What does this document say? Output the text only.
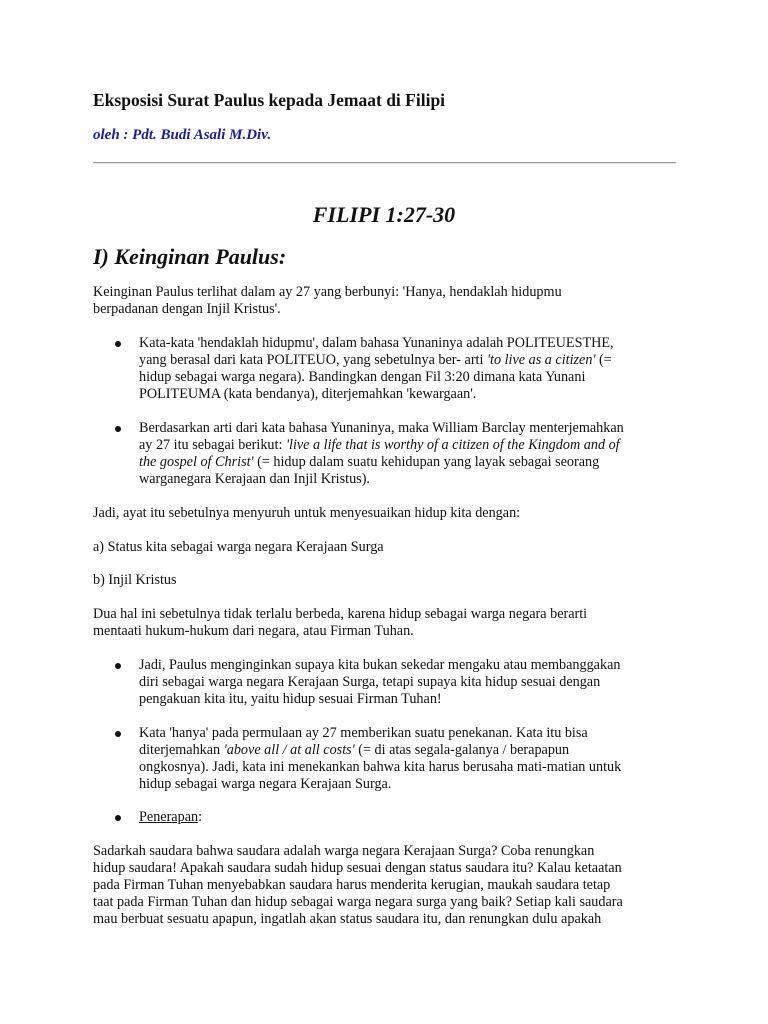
Eksposisi Surat Paulus kepada Jemaat di Filipi

oleh : Pdt. Budi Asali M.Div.

FILIPI 1:27-30
I) Keinginan Paulus:

Keinginan Paulus terlihat dalam ay 27 yang berbunyi: 'Hanya, hendaklah hidupmu
berpadanan dengan Injil Kristus'.

Kata-kata 'hendaklah hidupmu', dalam bahasa Yunaninya adalah POLITEUESTHE,
yang berasal dari kata POLITEUO, yang sebetulnya ber- arti 'to live as a citizen' (=
hidup sebagai warga negara). Bandingkan dengan Fil 3:20 dimana kata Yunani
POLITEUMA (kata bendanya), diterjemahkan 'kewargaan'.

Berdasarkan arti dari kata bahasa Yunaninya, maka William Barclay menterjemahkan
ay 27 itu sebagai berikut: 'live a life that is worthy of a citizen of the Kingdom and of
the gospel of Christ' (= hidup dalam suatu kehidupan yang layak sebagai seorang
warganegara Kerajaan dan Injil Kristus).

Jadi, ayat itu sebetulnya menyuruh untuk menyesuaikan hidup kita dengan:

a) Status kita sebagai warga negara Kerajaan Surga

b) Injil Kristus

Dua hal ini sebetulnya tidak terlalu berbeda, karena hidup sebagai warga negara berarti
mentaati hukum-hukum dari negara, atau Firman Tuhan.

Jadi, Paulus menginginkan supaya kita bukan sekedar mengaku atau membanggakan
diri sebagai warga negara Kerajaan Surga, tetapi supaya kita hidup sesuai dengan
pengakuan kita itu, yaitu hidup sesuai Firman Tuhan!

Kata 'hanya' pada permulaan ay 27 memberikan suatu penekanan. Kata itu bisa
diterjemahkan 'above all / at all costs' (= di atas segala-galanya / berapapun
ongkosnya). Jadi, kata ini menekankan bahwa kita harus berusaha mati-matian untuk
hidup sebagai warga negara Kerajaan Surga.

Penerapan:

Sadarkah saudara bahwa saudara adalah warga negara Kerajaan Surga? Coba renungkan
hidup saudara! Apakah saudara sudah hidup sesuai dengan status saudara itu? Kalau ketaatan
pada Firman Tuhan menyebabkan saudara harus menderita kerugian, maukah saudara tetap
taat pada Firman Tuhan dan hidup sebagai warga negara surga yang baik? Setiap kali saudara
mau berbuat sesuatu apapun, ingatlah akan status saudara itu, dan renungkan dulu apakah
